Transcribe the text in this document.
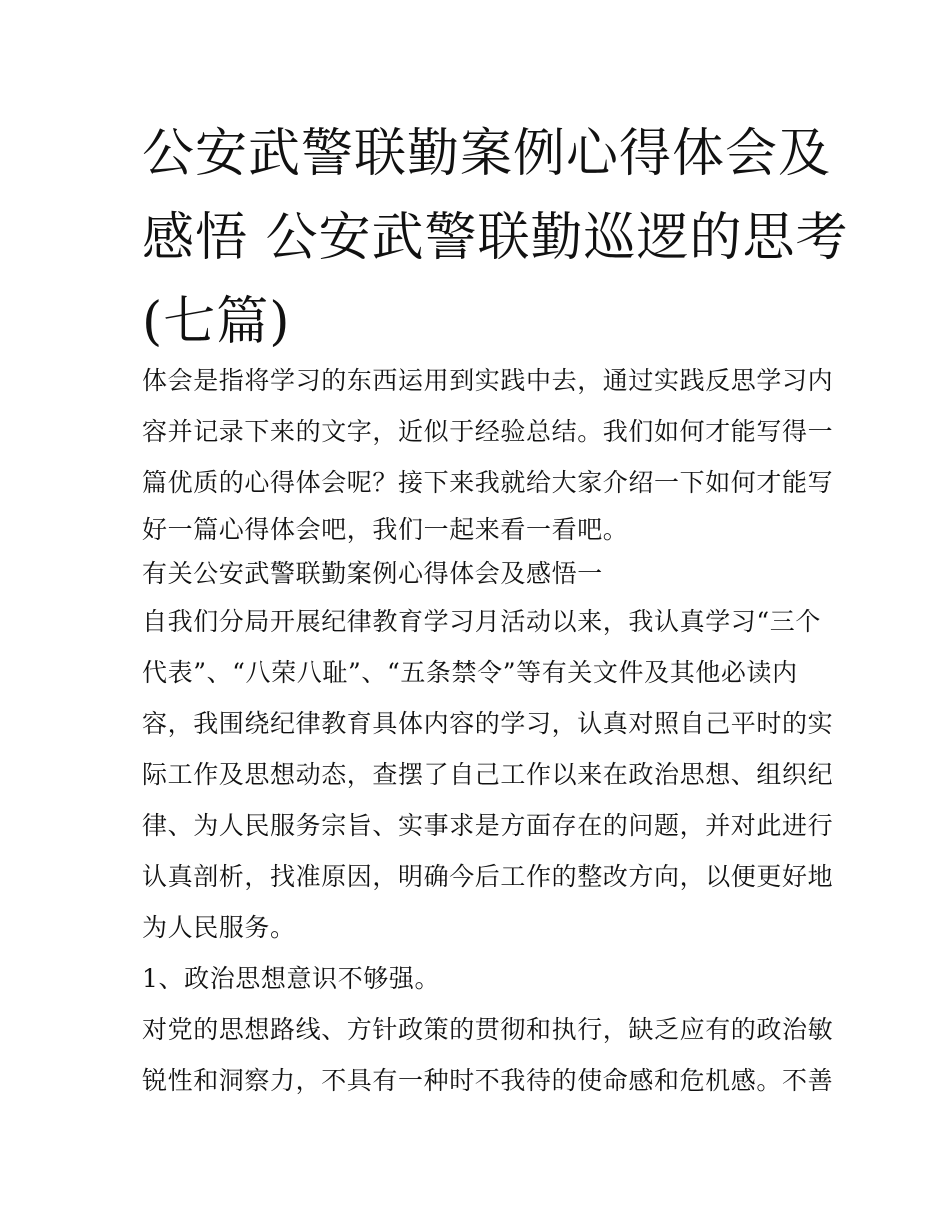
公安武警联勤案例心得体会及
感悟 公安武警联勤巡逻的思考
(七篇)
体会是指将学习的东西运用到实践中去，通过实践反思学习内
容并记录下来的文字，近似于经验总结。我们如何才能写得一
篇优质的心得体会呢？接下来我就给大家介绍一下如何才能写
好一篇心得体会吧，我们一起来看一看吧。
有关公安武警联勤案例心得体会及感悟一
自我们分局开展纪律教育学习月活动以来，我认真学习“三个
代表”、“八荣八耻”、“五条禁令”等有关文件及其他必读内
容，我围绕纪律教育具体内容的学习，认真对照自己平时的实
际工作及思想动态，查摆了自己工作以来在政治思想、组织纪
律、为人民服务宗旨、实事求是方面存在的问题，并对此进行
认真剖析，找准原因，明确今后工作的整改方向，以便更好地
为人民服务。
1、政治思想意识不够强。
对党的思想路线、方针政策的贯彻和执行，缺乏应有的政治敏
锐性和洞察力，不具有一种时不我待的使命感和危机感。不善
